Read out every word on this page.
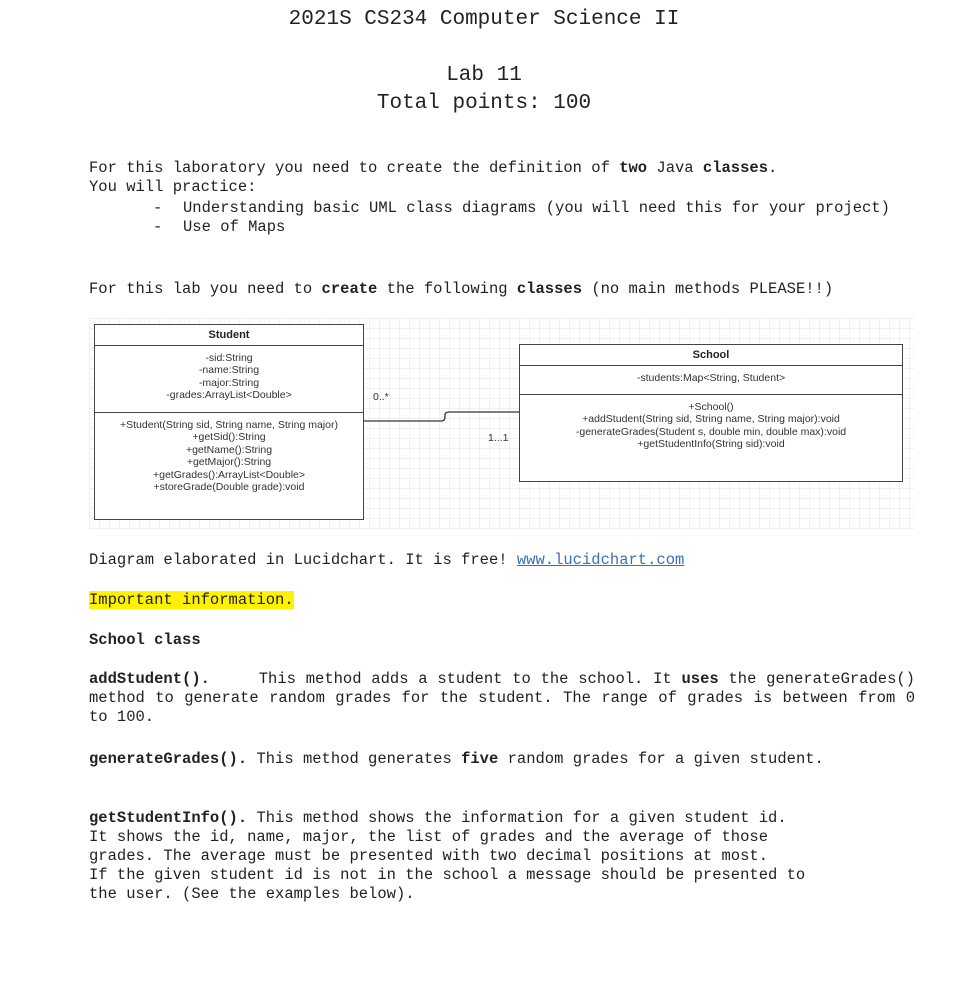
2021S CS234 Computer Science II
Lab 11
Total points: 100
For this laboratory you need to create the definition of two Java classes.
You will practice:
- Understanding basic UML class diagrams (you will need this for your project)
- Use of Maps
For this lab you need to create the following classes (no main methods PLEASE!!)
Student
-sid:String
-name:String
-major:String
-grades:ArrayList<Double>
+Student(String sid, String name, String major)
+getSid():String
+getName():String
+getMajor():String
+getGrades():ArrayList<Double>
+storeGrade(Double grade):void
School
-students:Map<String, Student>
+School()
+addStudent(String sid, String name, String major):void
-generateGrades(Student s, double min, double max):void
+getStudentInfo(String sid):void
0..*
1...1
Diagram elaborated in Lucidchart. It is free! www.lucidchart.com
Important information.
School class
addStudent().	This method adds a student to the school. It uses the generateGrades() method to generate random grades for the student. The range of grades is between from 0 to 100.
generateGrades(). This method generates five random grades for a given student.
getStudentInfo(). This method shows the information for a given student id.
It shows the id, name, major, the list of grades and the average of those
grades. The average must be presented with two decimal positions at most.
If the given student id is not in the school a message should be presented to
the user. (See the examples below).
